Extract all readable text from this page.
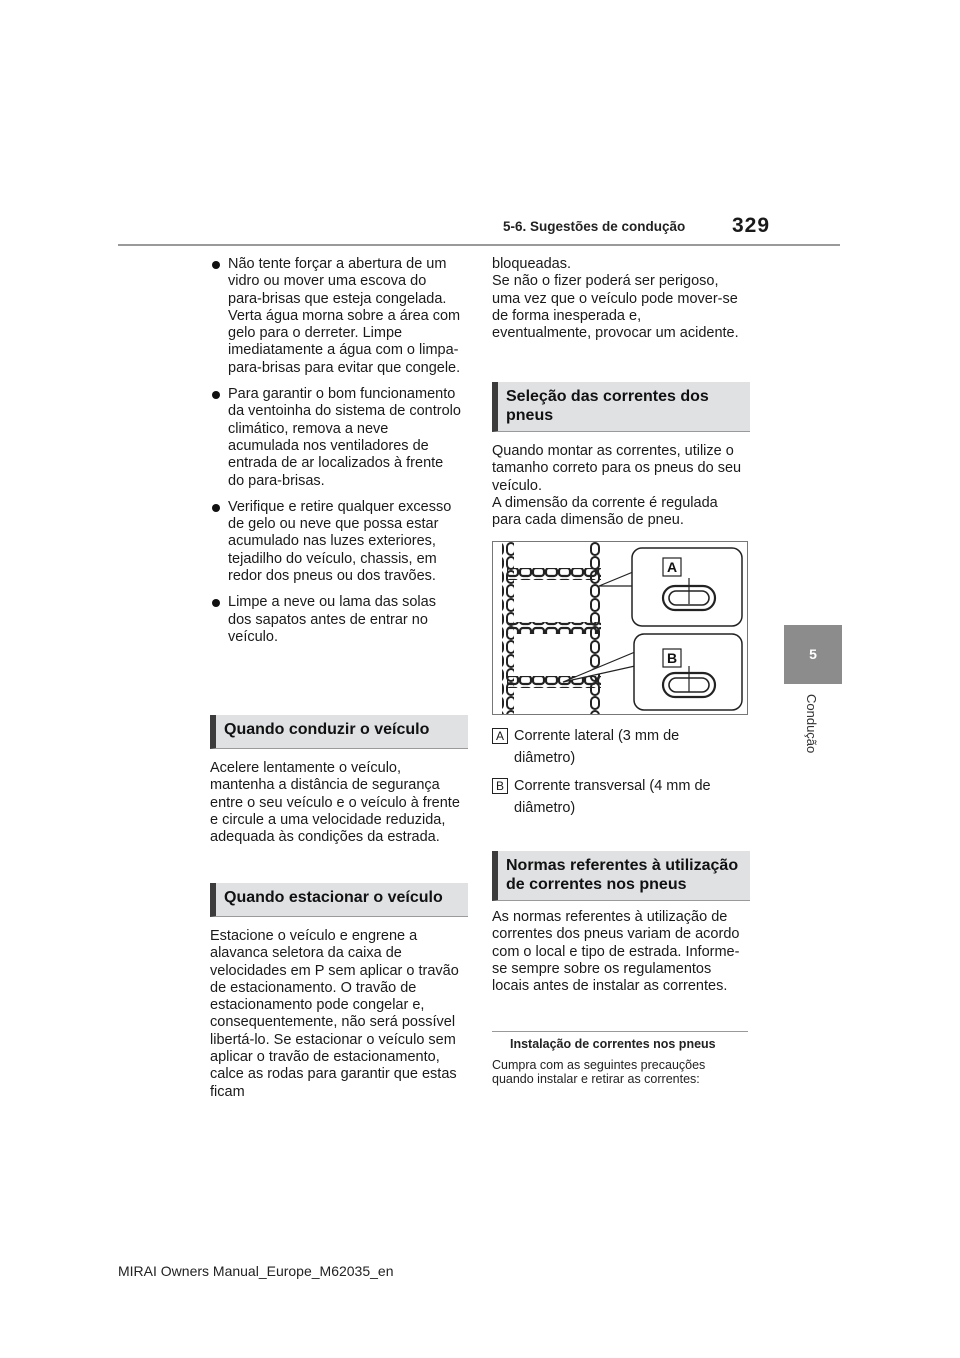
5-6. Sugestões de condução 329
5
Condução
Não tente forçar a abertura de um vidro ou mover uma escova do para-brisas que esteja congelada. Verta água morna sobre a área com gelo para o derreter. Limpe imediatamente a água com o limpa-para-brisas para evitar que congele.
Para garantir o bom funcionamento da ventoinha do sistema de controlo climático, remova a neve acumulada nos ventiladores de entrada de ar localizados à frente do para-brisas.
Verifique e retire qualquer excesso de gelo ou neve que possa estar acumulado nas luzes exteriores, tejadilho do veículo, chassis, em redor dos pneus ou dos travões.
Limpe a neve ou lama das solas dos sapatos antes de entrar no veículo.
Quando conduzir o veículo
Acelere lentamente o veículo, mantenha a distância de segurança entre o seu veículo e o veículo à frente e circule a uma velocidade reduzida, adequada às condições da estrada.
Quando estacionar o veículo
Estacione o veículo e engrene a alavanca seletora da caixa de velocidades em P sem aplicar o travão de estacionamento. O travão de estacionamento pode congelar e, consequentemente, não será possível libertá-lo. Se estacionar o veículo sem aplicar o travão de estacionamento, calce as rodas para garantir que estas ficam
bloqueadas.
Se não o fizer poderá ser perigoso, uma vez que o veículo pode mover-se de forma inesperada e, eventualmente, provocar um acidente.
Seleção das correntes dos pneus
Quando montar as correntes, utilize o tamanho correto para os pneus do seu veículo.
A dimensão da corrente é regulada para cada dimensão de pneu.
A
B
A Corrente lateral (3 mm de diâmetro)
B Corrente transversal (4 mm de diâmetro)
Normas referentes à utilização de correntes nos pneus
As normas referentes à utilização de correntes dos pneus variam de acordo com o local e tipo de estrada. Informe-se sempre sobre os regulamentos locais antes de instalar as correntes.
Instalação de correntes nos pneus
Cumpra com as seguintes precauções quando instalar e retirar as correntes:
MIRAI Owners Manual_Europe_M62035_en
